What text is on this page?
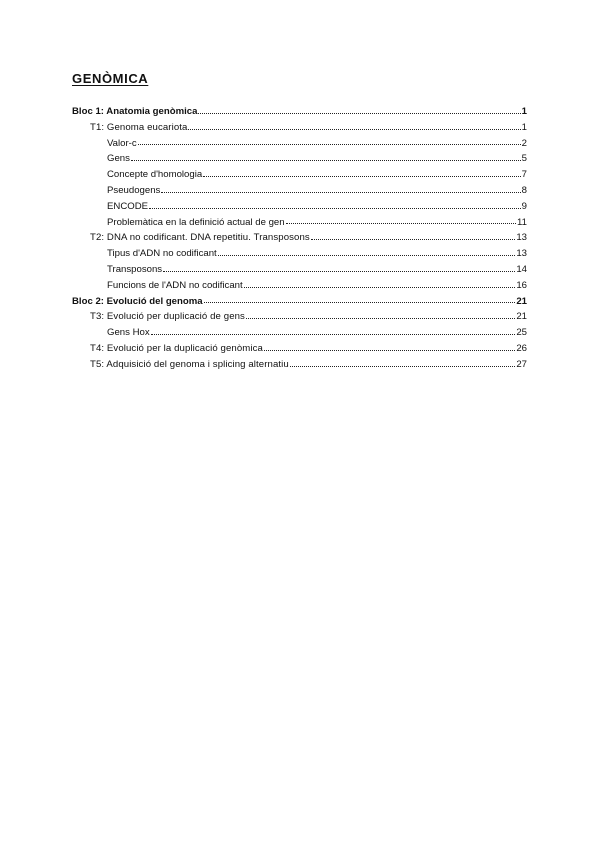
GENÒMICA
Bloc 1: Anatomia genòmica	1
T1: Genoma eucariota	1
Valor-c	2
Gens	5
Concepte d'homologia	7
Pseudogens	8
ENCODE	9
Problemàtica en la definició actual de gen	11
T2: DNA no codificant. DNA repetitiu. Transposons	13
Tipus d'ADN no codificant	13
Transposons	14
Funcions de l'ADN no codificant	16
Bloc 2: Evolució del genoma	21
T3: Evolució per duplicació de gens	21
Gens Hox	25
T4: Evolució per la duplicació genòmica	26
T5: Adquisició del genoma i splicing alternatiu	27
